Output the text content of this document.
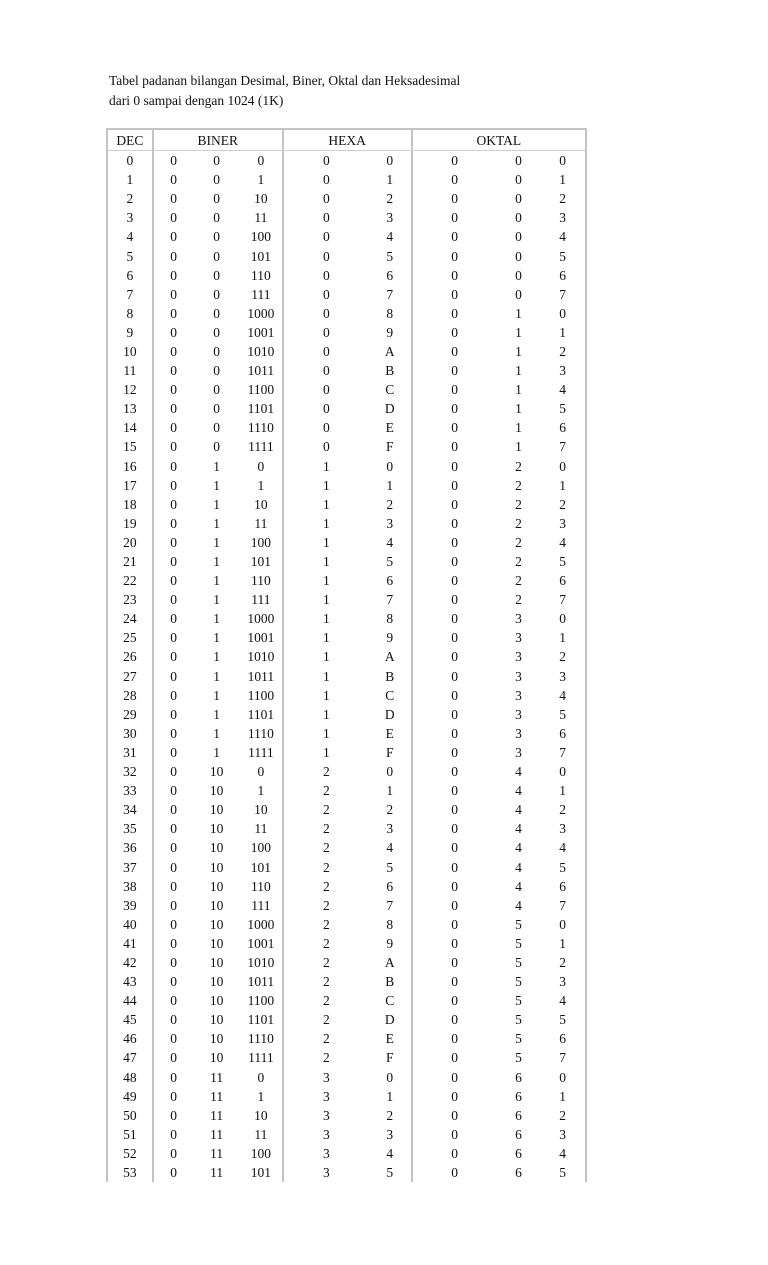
Tabel padanan bilangan Desimal, Biner, Oktal dan Heksadesimal
dari 0 sampai dengan 1024 (1K)
DEC	BINER			HEXA		OKTAL		
0	0	0	0	0	0	0	0	0
1	0	0	1	0	1	0	0	1
2	0	0	10	0	2	0	0	2
3	0	0	11	0	3	0	0	3
4	0	0	100	0	4	0	0	4
5	0	0	101	0	5	0	0	5
6	0	0	110	0	6	0	0	6
7	0	0	111	0	7	0	0	7
8	0	0	1000	0	8	0	1	0
9	0	0	1001	0	9	0	1	1
10	0	0	1010	0	A	0	1	2
11	0	0	1011	0	B	0	1	3
12	0	0	1100	0	C	0	1	4
13	0	0	1101	0	D	0	1	5
14	0	0	1110	0	E	0	1	6
15	0	0	1111	0	F	0	1	7
16	0	1	0	1	0	0	2	0
17	0	1	1	1	1	0	2	1
18	0	1	10	1	2	0	2	2
19	0	1	11	1	3	0	2	3
20	0	1	100	1	4	0	2	4
21	0	1	101	1	5	0	2	5
22	0	1	110	1	6	0	2	6
23	0	1	111	1	7	0	2	7
24	0	1	1000	1	8	0	3	0
25	0	1	1001	1	9	0	3	1
26	0	1	1010	1	A	0	3	2
27	0	1	1011	1	B	0	3	3
28	0	1	1100	1	C	0	3	4
29	0	1	1101	1	D	0	3	5
30	0	1	1110	1	E	0	3	6
31	0	1	1111	1	F	0	3	7
32	0	10	0	2	0	0	4	0
33	0	10	1	2	1	0	4	1
34	0	10	10	2	2	0	4	2
35	0	10	11	2	3	0	4	3
36	0	10	100	2	4	0	4	4
37	0	10	101	2	5	0	4	5
38	0	10	110	2	6	0	4	6
39	0	10	111	2	7	0	4	7
40	0	10	1000	2	8	0	5	0
41	0	10	1001	2	9	0	5	1
42	0	10	1010	2	A	0	5	2
43	0	10	1011	2	B	0	5	3
44	0	10	1100	2	C	0	5	4
45	0	10	1101	2	D	0	5	5
46	0	10	1110	2	E	0	5	6
47	0	10	1111	2	F	0	5	7
48	0	11	0	3	0	0	6	0
49	0	11	1	3	1	0	6	1
50	0	11	10	3	2	0	6	2
51	0	11	11	3	3	0	6	3
52	0	11	100	3	4	0	6	4
53	0	11	101	3	5	0	6	5
